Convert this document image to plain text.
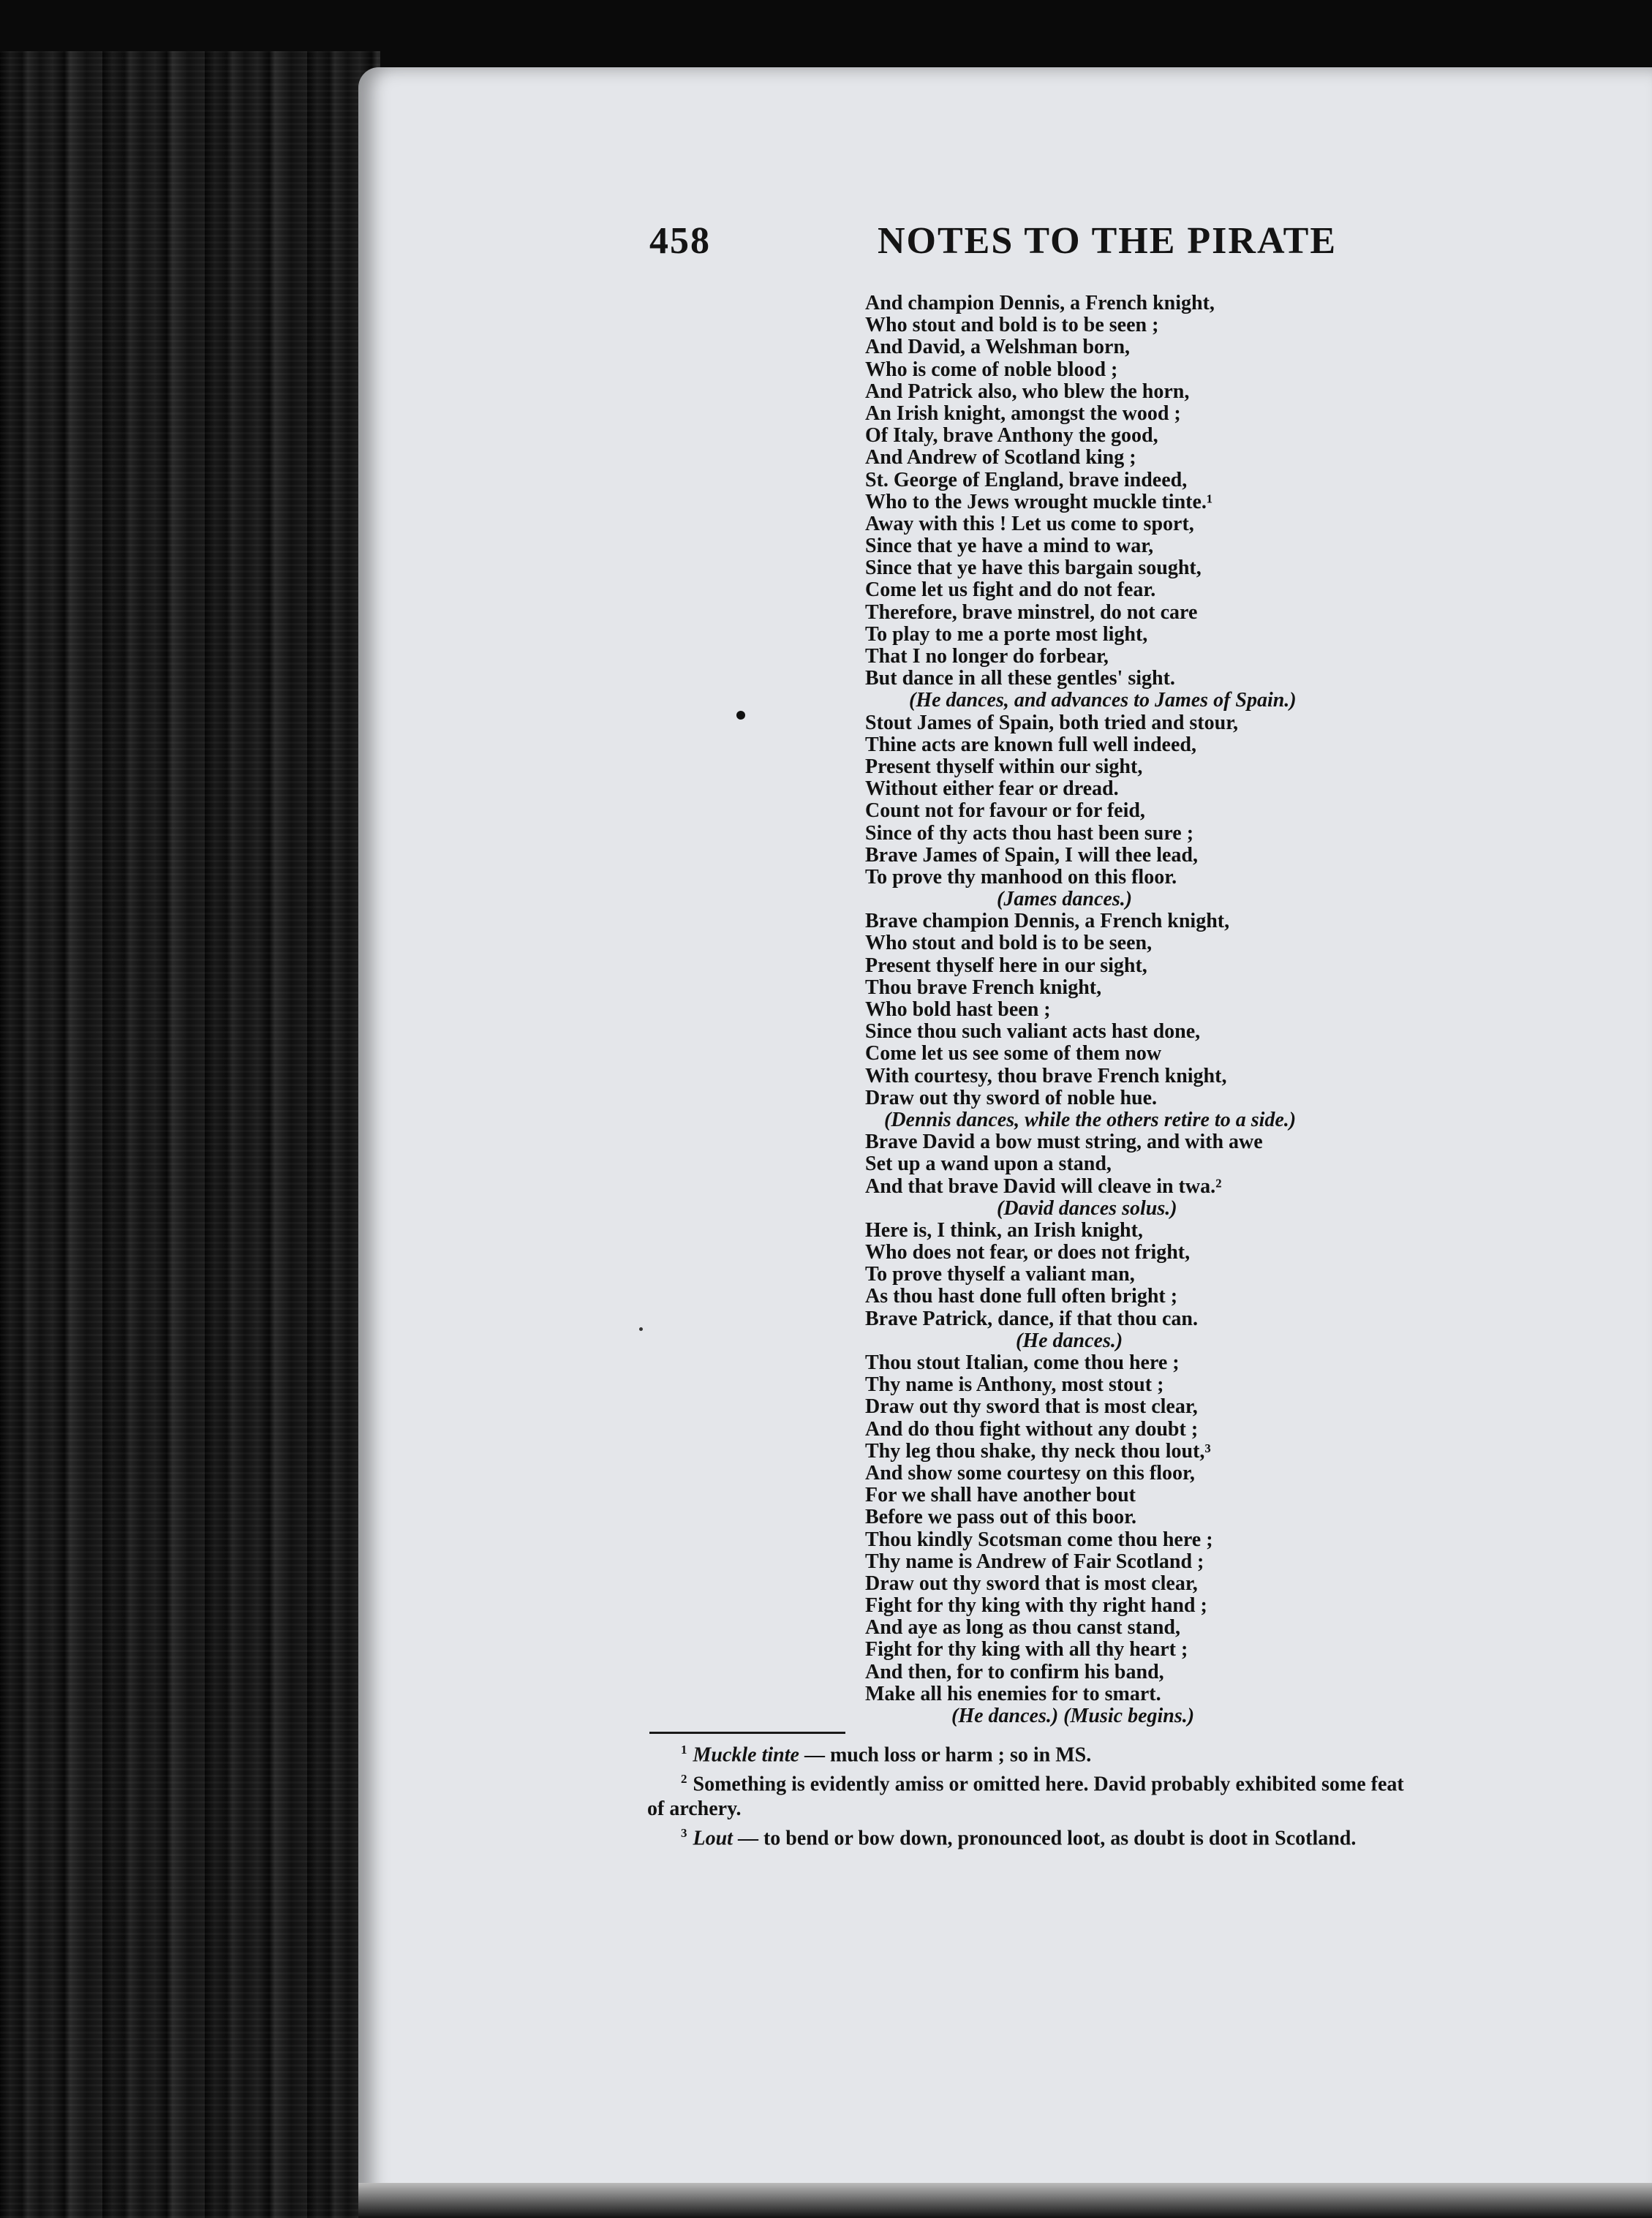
458	NOTES TO THE PIRATE
And champion Dennis, a French knight,
Who stout and bold is to be seen ;
And David, a Welshman born,
Who is come of noble blood ;
And Patrick also, who blew the horn,
An Irish knight, amongst the wood ;
Of Italy, brave Anthony the good,
And Andrew of Scotland king ;
St. George of England, brave indeed,
Who to the Jews wrought muckle tinte.¹
Away with this ! Let us come to sport,
Since that ye have a mind to war,
Since that ye have this bargain sought,
Come let us fight and do not fear.
Therefore, brave minstrel, do not care
To play to me a porte most light,
That I no longer do forbear,
But dance in all these gentles' sight.
(He dances, and advances to James of Spain.)
Stout James of Spain, both tried and stour,
Thine acts are known full well indeed,
Present thyself within our sight,
Without either fear or dread.
Count not for favour or for feid,
Since of thy acts thou hast been sure ;
Brave James of Spain, I will thee lead,
To prove thy manhood on this floor.
(James dances.)
Brave champion Dennis, a French knight,
Who stout and bold is to be seen,
Present thyself here in our sight,
Thou brave French knight,
Who bold hast been ;
Since thou such valiant acts hast done,
Come let us see some of them now
With courtesy, thou brave French knight,
Draw out thy sword of noble hue.
(Dennis dances, while the others retire to a side.)
Brave David a bow must string, and with awe
Set up a wand upon a stand,
And that brave David will cleave in twa.²
(David dances solus.)
Here is, I think, an Irish knight,
Who does not fear, or does not fright,
To prove thyself a valiant man,
As thou hast done full often bright ;
Brave Patrick, dance, if that thou can.
(He dances.)
Thou stout Italian, come thou here ;
Thy name is Anthony, most stout ;
Draw out thy sword that is most clear,
And do thou fight without any doubt ;
Thy leg thou shake, thy neck thou lout,³
And show some courtesy on this floor,
For we shall have another bout
Before we pass out of this boor.
Thou kindly Scotsman come thou here ;
Thy name is Andrew of Fair Scotland ;
Draw out thy sword that is most clear,
Fight for thy king with thy right hand ;
And aye as long as thou canst stand,
Fight for thy king with all thy heart ;
And then, for to confirm his band,
Make all his enemies for to smart.
(He dances.) (Music begins.)
$^1$ Muckle tinte — much loss or harm ; so in MS.
$^2$ Something is evidently amiss or omitted here. David probably exhibited some feat
of archery.
$^3$ Lout — to bend or bow down, pronounced loot, as doubt is doot in Scotland.
